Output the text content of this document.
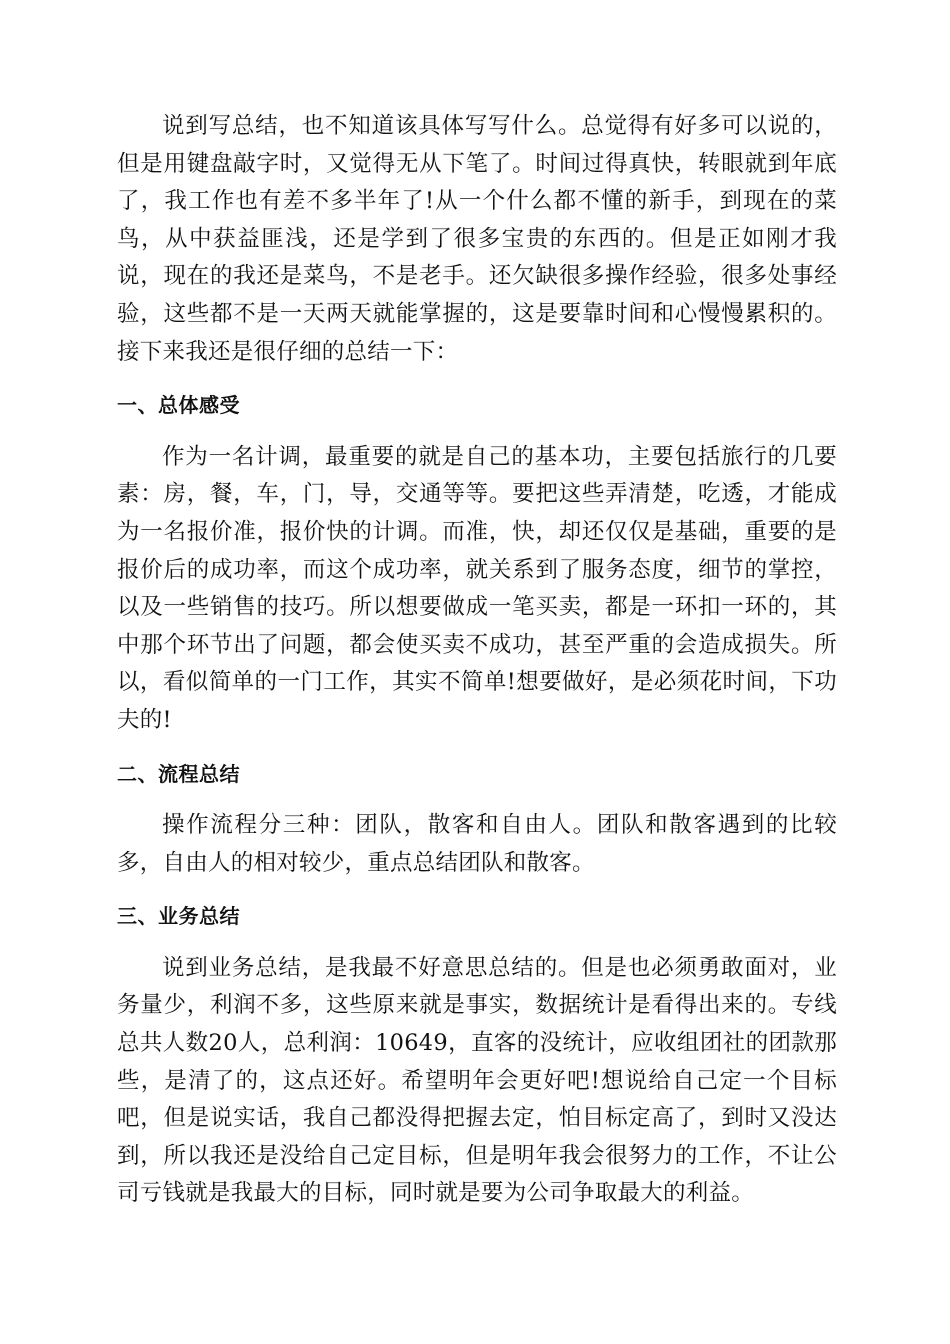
说到写总结，也不知道该具体写写什么。总觉得有好多可以说的，但是用键盘敲字时，又觉得无从下笔了。时间过得真快，转眼就到年底了，我工作也有差不多半年了!从一个什么都不懂的新手，到现在的菜鸟，从中获益匪浅，还是学到了很多宝贵的东西的。但是正如刚才我说，现在的我还是菜鸟，不是老手。还欠缺很多操作经验，很多处事经验，这些都不是一天两天就能掌握的，这是要靠时间和心慢慢累积的。接下来我还是很仔细的总结一下：

一、总体感受

作为一名计调，最重要的就是自己的基本功，主要包括旅行的几要素：房，餐，车，门，导，交通等等。要把这些弄清楚，吃透，才能成为一名报价准，报价快的计调。而准，快，却还仅仅是基础，重要的是报价后的成功率，而这个成功率，就关系到了服务态度，细节的掌控，以及一些销售的技巧。所以想要做成一笔买卖，都是一环扣一环的，其中那个环节出了问题，都会使买卖不成功，甚至严重的会造成损失。所以，看似简单的一门工作，其实不简单!想要做好，是必须花时间，下功夫的!

二、流程总结

操作流程分三种：团队，散客和自由人。团队和散客遇到的比较多，自由人的相对较少，重点总结团队和散客。

三、业务总结

说到业务总结，是我最不好意思总结的。但是也必须勇敢面对，业务量少，利润不多，这些原来就是事实，数据统计是看得出来的。专线总共人数20人，总利润：10649，直客的没统计，应收组团社的团款那些，是清了的，这点还好。希望明年会更好吧!想说给自己定一个目标吧，但是说实话，我自己都没得把握去定，怕目标定高了，到时又没达到，所以我还是没给自己定目标，但是明年我会很努力的工作，不让公司亏钱就是我最大的目标，同时就是要为公司争取最大的利益。
